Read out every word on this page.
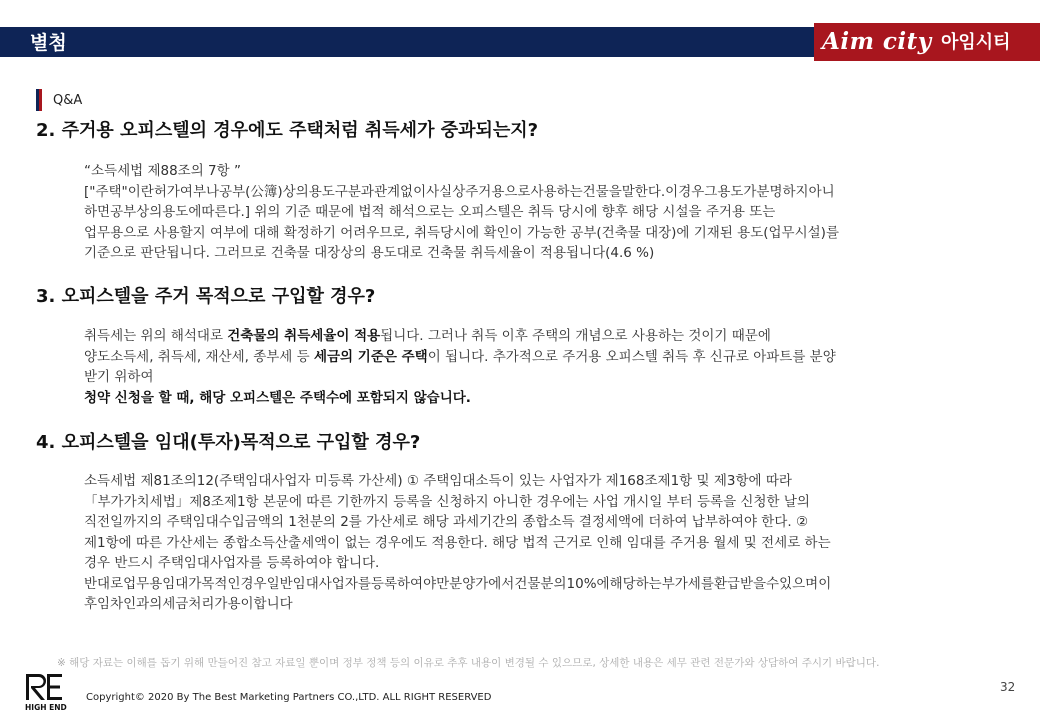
별첨	Aim city 아임시티
Q&A
2. 주거용 오피스텔의 경우에도 주택처럼 취득세가 중과되는지?
“소득세법 제88조의 7항 ”
["주택"이란허가여부나공부(公簿)상의용도구분과관계없이사실상주거용으로사용하는건물을말한다.이경우그용도가분명하지아니
하면공부상의용도에따른다.] 위의 기준 때문에 법적 해석으로는 오피스텔은 취득 당시에 향후 해당 시설을 주거용 또는
업무용으로 사용할지 여부에 대해 확정하기 어려우므로, 취득당시에 확인이 가능한 공부(건축물 대장)에 기재된 용도(업무시설)를
기준으로 판단됩니다. 그러므로 건축물 대장상의 용도대로 건축물 취득세율이 적용됩니다(4.6 %)
3. 오피스텔을 주거 목적으로 구입할 경우?
취득세는 위의 해석대로 건축물의 취득세율이 적용됩니다. 그러나 취득 이후 주택의 개념으로 사용하는 것이기 때문에
양도소득세, 취득세, 재산세, 종부세 등 세금의 기준은 주택이 됩니다. 추가적으로 주거용 오피스텔 취득 후 신규로 아파트를 분양
받기 위하여
청약 신청을 할 때, 해당 오피스텔은 주택수에 포함되지 않습니다.
4. 오피스텔을 임대(투자)목적으로 구입할 경우?
소득세법 제81조의12(주택임대사업자 미등록 가산세) ① 주택임대소득이 있는 사업자가 제168조제1항 및 제3항에 따라
「부가가치세법」제8조제1항 본문에 따른 기한까지 등록을 신청하지 아니한 경우에는 사업 개시일 부터 등록을 신청한 날의
직전일까지의 주택임대수입금액의 1천분의 2를 가산세로 해당 과세기간의 종합소득 결정세액에 더하여 납부하여야 한다. ②
제1항에 따른 가산세는 종합소득산출세액이 없는 경우에도 적용한다. 해당 법적 근거로 인해 임대를 주거용 월세 및 전세로 하는
경우 반드시 주택임대사업자를 등록하여야 합니다.
반대로업무용임대가목적인경우일반임대사업자를등록하여야만분양가에서건물분의10%에해당하는부가세를환급받을수있으며이
후임차인과의세금처리가용이합니다
※ 해당 자료는 이해를 돕기 위해 만들어진 참고 자료일 뿐이며 정부 정책 등의 이유로 추후 내용이 변경될 수 있으므로, 상세한 내용은 세무 관련 전문가와 상담하여 주시기 바랍니다.
HIGH END
Copyright© 2020 By The Best Marketing Partners CO.,LTD. ALL RIGHT RESERVED
32
